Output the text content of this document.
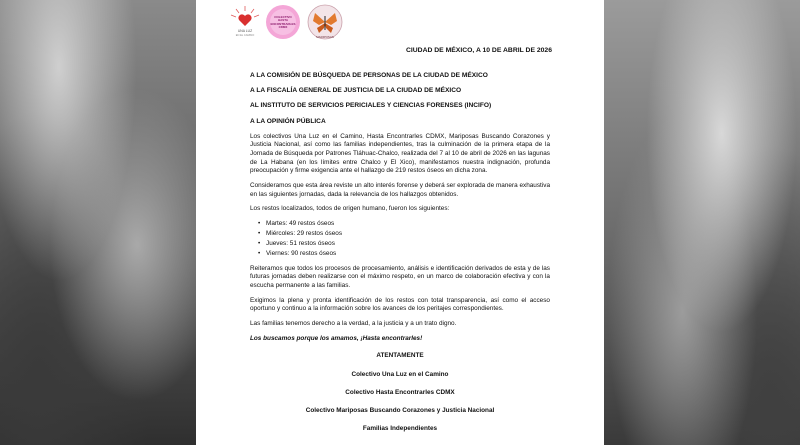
UNA LUZ
EN EL CAMINO
COLECTIVO HASTA ENCONTRARLES CDMX
MARIPOSAS
CIUDAD DE MÉXICO, A 10 DE ABRIL DE 2026
A LA COMISIÓN DE BÚSQUEDA DE PERSONAS DE LA CIUDAD DE MÉXICO
A LA FISCALÍA GENERAL DE JUSTICIA DE LA CIUDAD DE MÉXICO
AL INSTITUTO DE SERVICIOS PERICIALES Y CIENCIAS FORENSES (INCIFO)
A LA OPINIÓN PÚBLICA

Los colectivos Una Luz en el Camino, Hasta Encontrarles CDMX, Mariposas Buscando Corazones y Justicia Nacional, así como las familias independientes, tras la culminación de la primera etapa de la Jornada de Búsqueda por Patrones Tláhuac-Chalco, realizada del 7 al 10 de abril de 2026 en las lagunas de La Habana (en los límites entre Chalco y El Xico), manifestamos nuestra indignación, profunda preocupación y firme exigencia ante el hallazgo de 219 restos óseos en dicha zona.

Consideramos que esta área reviste un alto interés forense y deberá ser explorada de manera exhaustiva en las siguientes jornadas, dada la relevancia de los hallazgos obtenidos.

Los restos localizados, todos de origen humano, fueron los siguientes:

• Martes: 49 restos óseos
• Miércoles: 29 restos óseos
• Jueves: 51 restos óseos
• Viernes: 90 restos óseos

Reiteramos que todos los procesos de procesamiento, análisis e identificación derivados de esta y de las futuras jornadas deben realizarse con el máximo respeto, en un marco de colaboración efectiva y con la escucha permanente a las familias.

Exigimos la plena y pronta identificación de los restos con total transparencia, así como el acceso oportuno y continuo a la información sobre los avances de los peritajes correspondientes.

Las familias tenemos derecho a la verdad, a la justicia y a un trato digno.

Los buscamos porque los amamos, ¡Hasta encontrarles!
ATENTAMENTE
Colectivo Una Luz en el Camino
Colectivo Hasta Encontrarles CDMX
Colectivo Mariposas Buscando Corazones y Justicia Nacional
Familias Independientes
